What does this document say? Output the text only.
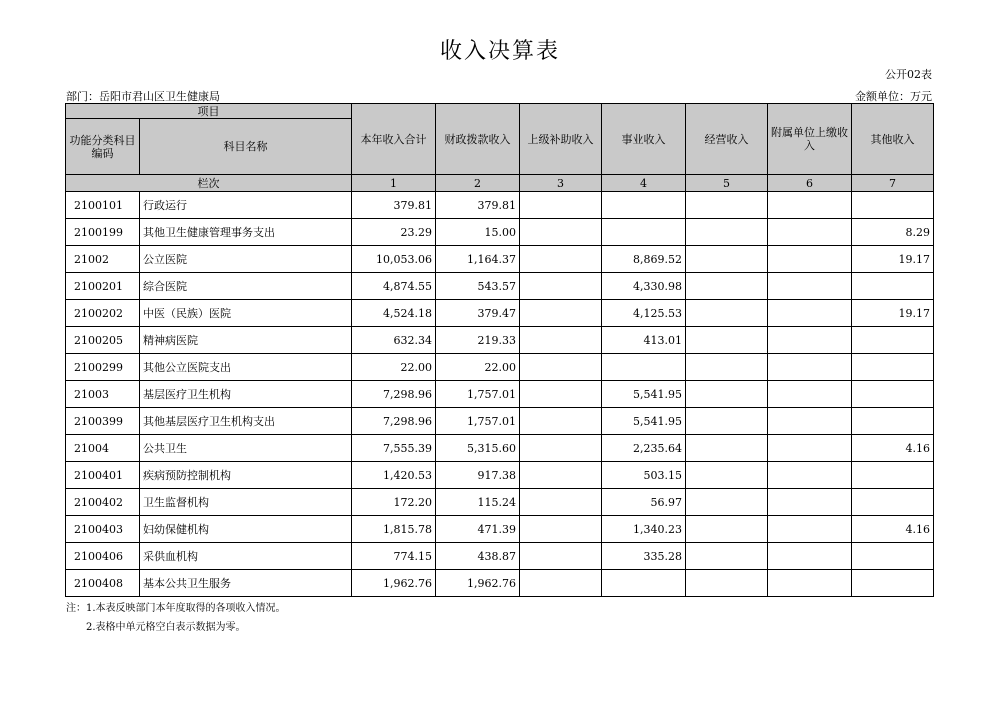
收入决算表
公开02表
部门：岳阳市君山区卫生健康局	金额单位：万元
项目		本年收入合计	财政拨款收入	上级补助收入	事业收入	经营收入	附属单位上缴收入	其他收入
功能分类科目编码	科目名称							
栏次		1	2	3	4	5	6	7
2100101	行政运行	379.81	379.81					
2100199	其他卫生健康管理事务支出	23.29	15.00					8.29
21002	公立医院	10,053.06	1,164.37		8,869.52			19.17
2100201	综合医院	4,874.55	543.57		4,330.98			
2100202	中医（民族）医院	4,524.18	379.47		4,125.53			19.17
2100205	精神病医院	632.34	219.33		413.01			
2100299	其他公立医院支出	22.00	22.00					
21003	基层医疗卫生机构	7,298.96	1,757.01		5,541.95			
2100399	其他基层医疗卫生机构支出	7,298.96	1,757.01		5,541.95			
21004	公共卫生	7,555.39	5,315.60		2,235.64			4.16
2100401	疾病预防控制机构	1,420.53	917.38		503.15			
2100402	卫生监督机构	172.20	115.24		56.97			
2100403	妇幼保健机构	1,815.78	471.39		1,340.23			4.16
2100406	采供血机构	774.15	438.87		335.28			
2100408	基本公共卫生服务	1,962.76	1,962.76					
注：1.本表反映部门本年度取得的各项收入情况。
2.表格中单元格空白表示数据为零。
